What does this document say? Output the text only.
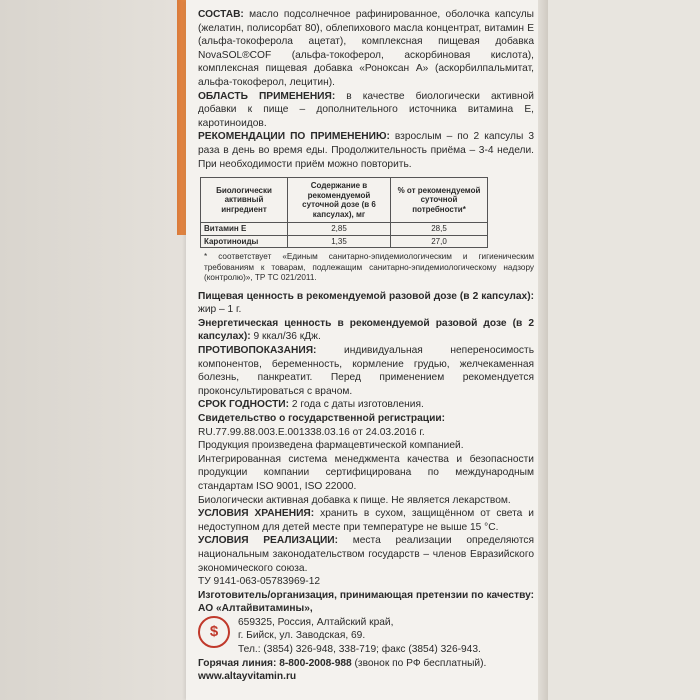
СОСТАВ: масло подсолнечное рафинированное, оболочка капсулы (желатин, полисорбат 80), облепихового масла концентрат, витамин Е (альфа-токоферола ацетат), комплексная пищевая добавка NovaSOL®COF (альфа-токоферол, аскорбиновая кислота), комплексная пищевая добавка «Роноксан А» (аскорбилпальмитат, альфа-токоферол, лецитин).

ОБЛАСТЬ ПРИМЕНЕНИЯ: в качестве биологически активной добавки к пище – дополнительного источника витамина Е, каротиноидов.

РЕКОМЕНДАЦИИ ПО ПРИМЕНЕНИЮ: взрослым – по 2 капсулы 3 раза в день во время еды. Продолжительность приёма – 3-4 недели. При необходимости приём можно повторить.

Биологически активный ингредиент	Содержание в рекомендуемой суточной дозе (в 6 капсулах), мг	% от рекомендуемой суточной потребности*
Витамин Е	2,85	28,5
Каротиноиды	1,35	27,0

* соответствует «Единым санитарно-эпидемиологическим и гигиеническим требованиям к товарам, подлежащим санитарно-эпидемиологическому надзору (контролю)», ТР ТС 021/2011.

Пищевая ценность в рекомендуемой разовой дозе (в 2 капсулах): жир – 1 г.

Энергетическая ценность в рекомендуемой разовой дозе (в 2 капсулах): 9 ккал/36 кДж.

ПРОТИВОПОКАЗАНИЯ: индивидуальная непереносимость компонентов, беременность, кормление грудью, желчекаменная болезнь, панкреатит. Перед применением рекомендуется проконсультироваться с врачом.

СРОК ГОДНОСТИ: 2 года с даты изготовления.

Свидетельство о государственной регистрации:
RU.77.99.88.003.Е.001338.03.16 от 24.03.2016 г.

Продукция произведена фармацевтической компанией.

Интегрированная система менеджмента качества и безопасности продукции компании сертифицирована по международным стандартам ISO 9001, ISO 22000.

Биологически активная добавка к пище. Не является лекарством.

УСЛОВИЯ ХРАНЕНИЯ: хранить в сухом, защищённом от света и недоступном для детей месте при температуре не выше 15 °С.

УСЛОВИЯ РЕАЛИЗАЦИИ: места реализации определяются национальным законодательством государств – членов Евразийского экономического союза.

ТУ 9141-063-05783969-12

Изготовитель/организация, принимающая претензии по качеству: АО «Алтайвитамины»,

$
659325, Россия, Алтайский край,
г. Бийск, ул. Заводская, 69.
Тел.: (3854) 326-948, 338-719; факс (3854) 326-943.

Горячая линия: 8-800-2008-988 (звонок по РФ бесплатный).

www.altayvitamin.ru
